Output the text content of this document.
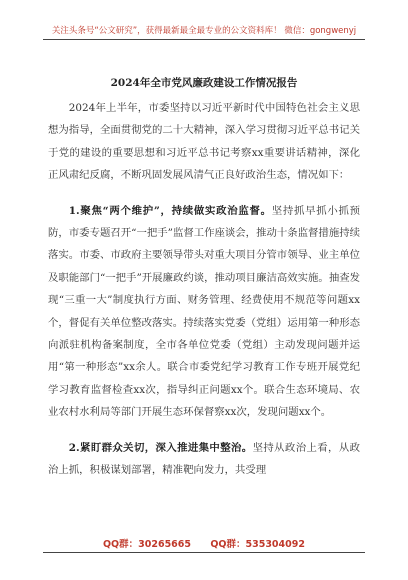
关注头条号“公文研究”，获得最新最全最专业的公文资料库！ 微信：gongwenyj
2024年全市党风廉政建设工作情况报告

2024年上半年，市委坚持以习近平新时代中国特色社会主义思想为指导，全面贯彻党的二十大精神，深入学习贯彻习近平总书记关于党的建设的重要思想和习近平总书记考察xx重要讲话精神，深化正风肃纪反腐，不断巩固发展风清气正良好政治生态，情况如下：

1.聚焦“两个维护”，持续做实政治监督。坚持抓早抓小抓预防，市委专题召开“一把手”监督工作座谈会，推动十条监督措施持续落实。市委、市政府主要领导带头对重大项目分管市领导、业主单位及职能部门“一把手”开展廉政约谈，推动项目廉洁高效实施。抽查发现“三重一大”制度执行方面、财务管理、经费使用不规范等问题xx个，督促有关单位整改落实。持续落实党委（党组）运用第一种形态向派驻机构备案制度，全市各单位党委（党组）主动发现问题并运用“第一种形态”xx余人。联合市委党纪学习教育工作专班开展党纪学习教育监督检查xx次，指导纠正问题xx个。联合生态环境局、农业农村水利局等部门开展生态环保督察xx次，发现问题xx个。

2.紧盯群众关切，深入推进集中整治。坚持从政治上看，从政治上抓，积极谋划部署，精准靶向发力，共受理

QQ群：30265665 QQ群：535304092
